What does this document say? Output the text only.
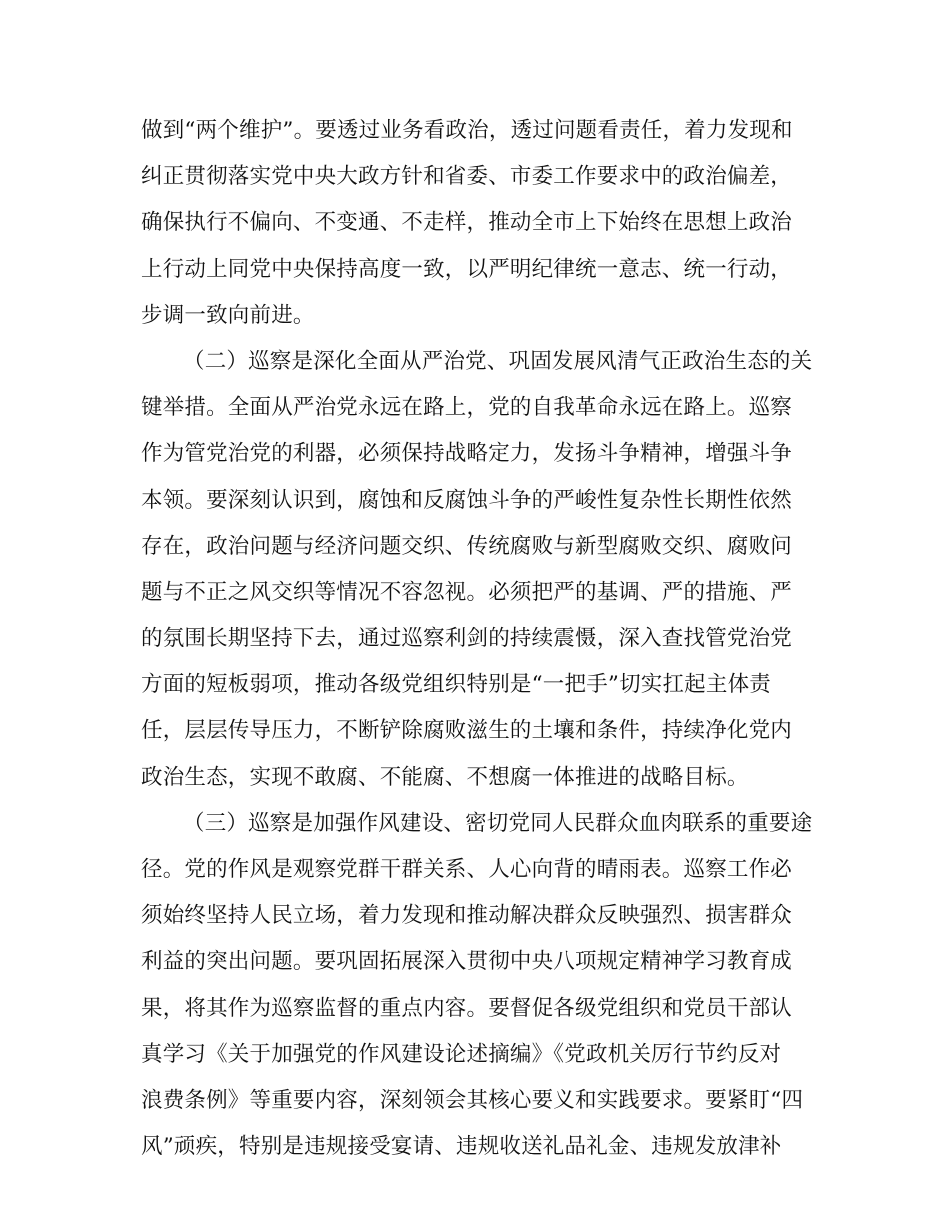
做到“两个维护”。要透过业务看政治，透过问题看责任，着力发现和
纠正贯彻落实党中央大政方针和省委、市委工作要求中的政治偏差，
确保执行不偏向、不变通、不走样，推动全市上下始终在思想上政治
上行动上同党中央保持高度一致，以严明纪律统一意志、统一行动，
步调一致向前进。
（二）巡察是深化全面从严治党、巩固发展风清气正政治生态的关
键举措。全面从严治党永远在路上，党的自我革命永远在路上。巡察
作为管党治党的利器，必须保持战略定力，发扬斗争精神，增强斗争
本领。要深刻认识到，腐蚀和反腐蚀斗争的严峻性复杂性长期性依然
存在，政治问题与经济问题交织、传统腐败与新型腐败交织、腐败问
题与不正之风交织等情况不容忽视。必须把严的基调、严的措施、严
的氛围长期坚持下去，通过巡察利剑的持续震慑，深入查找管党治党
方面的短板弱项，推动各级党组织特别是“一把手”切实扛起主体责
任，层层传导压力，不断铲除腐败滋生的土壤和条件，持续净化党内
政治生态，实现不敢腐、不能腐、不想腐一体推进的战略目标。
（三）巡察是加强作风建设、密切党同人民群众血肉联系的重要途
径。党的作风是观察党群干群关系、人心向背的晴雨表。巡察工作必
须始终坚持人民立场，着力发现和推动解决群众反映强烈、损害群众
利益的突出问题。要巩固拓展深入贯彻中央八项规定精神学习教育成
果，将其作为巡察监督的重点内容。要督促各级党组织和党员干部认
真学习《关于加强党的作风建设论述摘编》《党政机关厉行节约反对
浪费条例》等重要内容，深刻领会其核心要义和实践要求。要紧盯“四
风”顽疾，特别是违规接受宴请、违规收送礼品礼金、违规发放津补
